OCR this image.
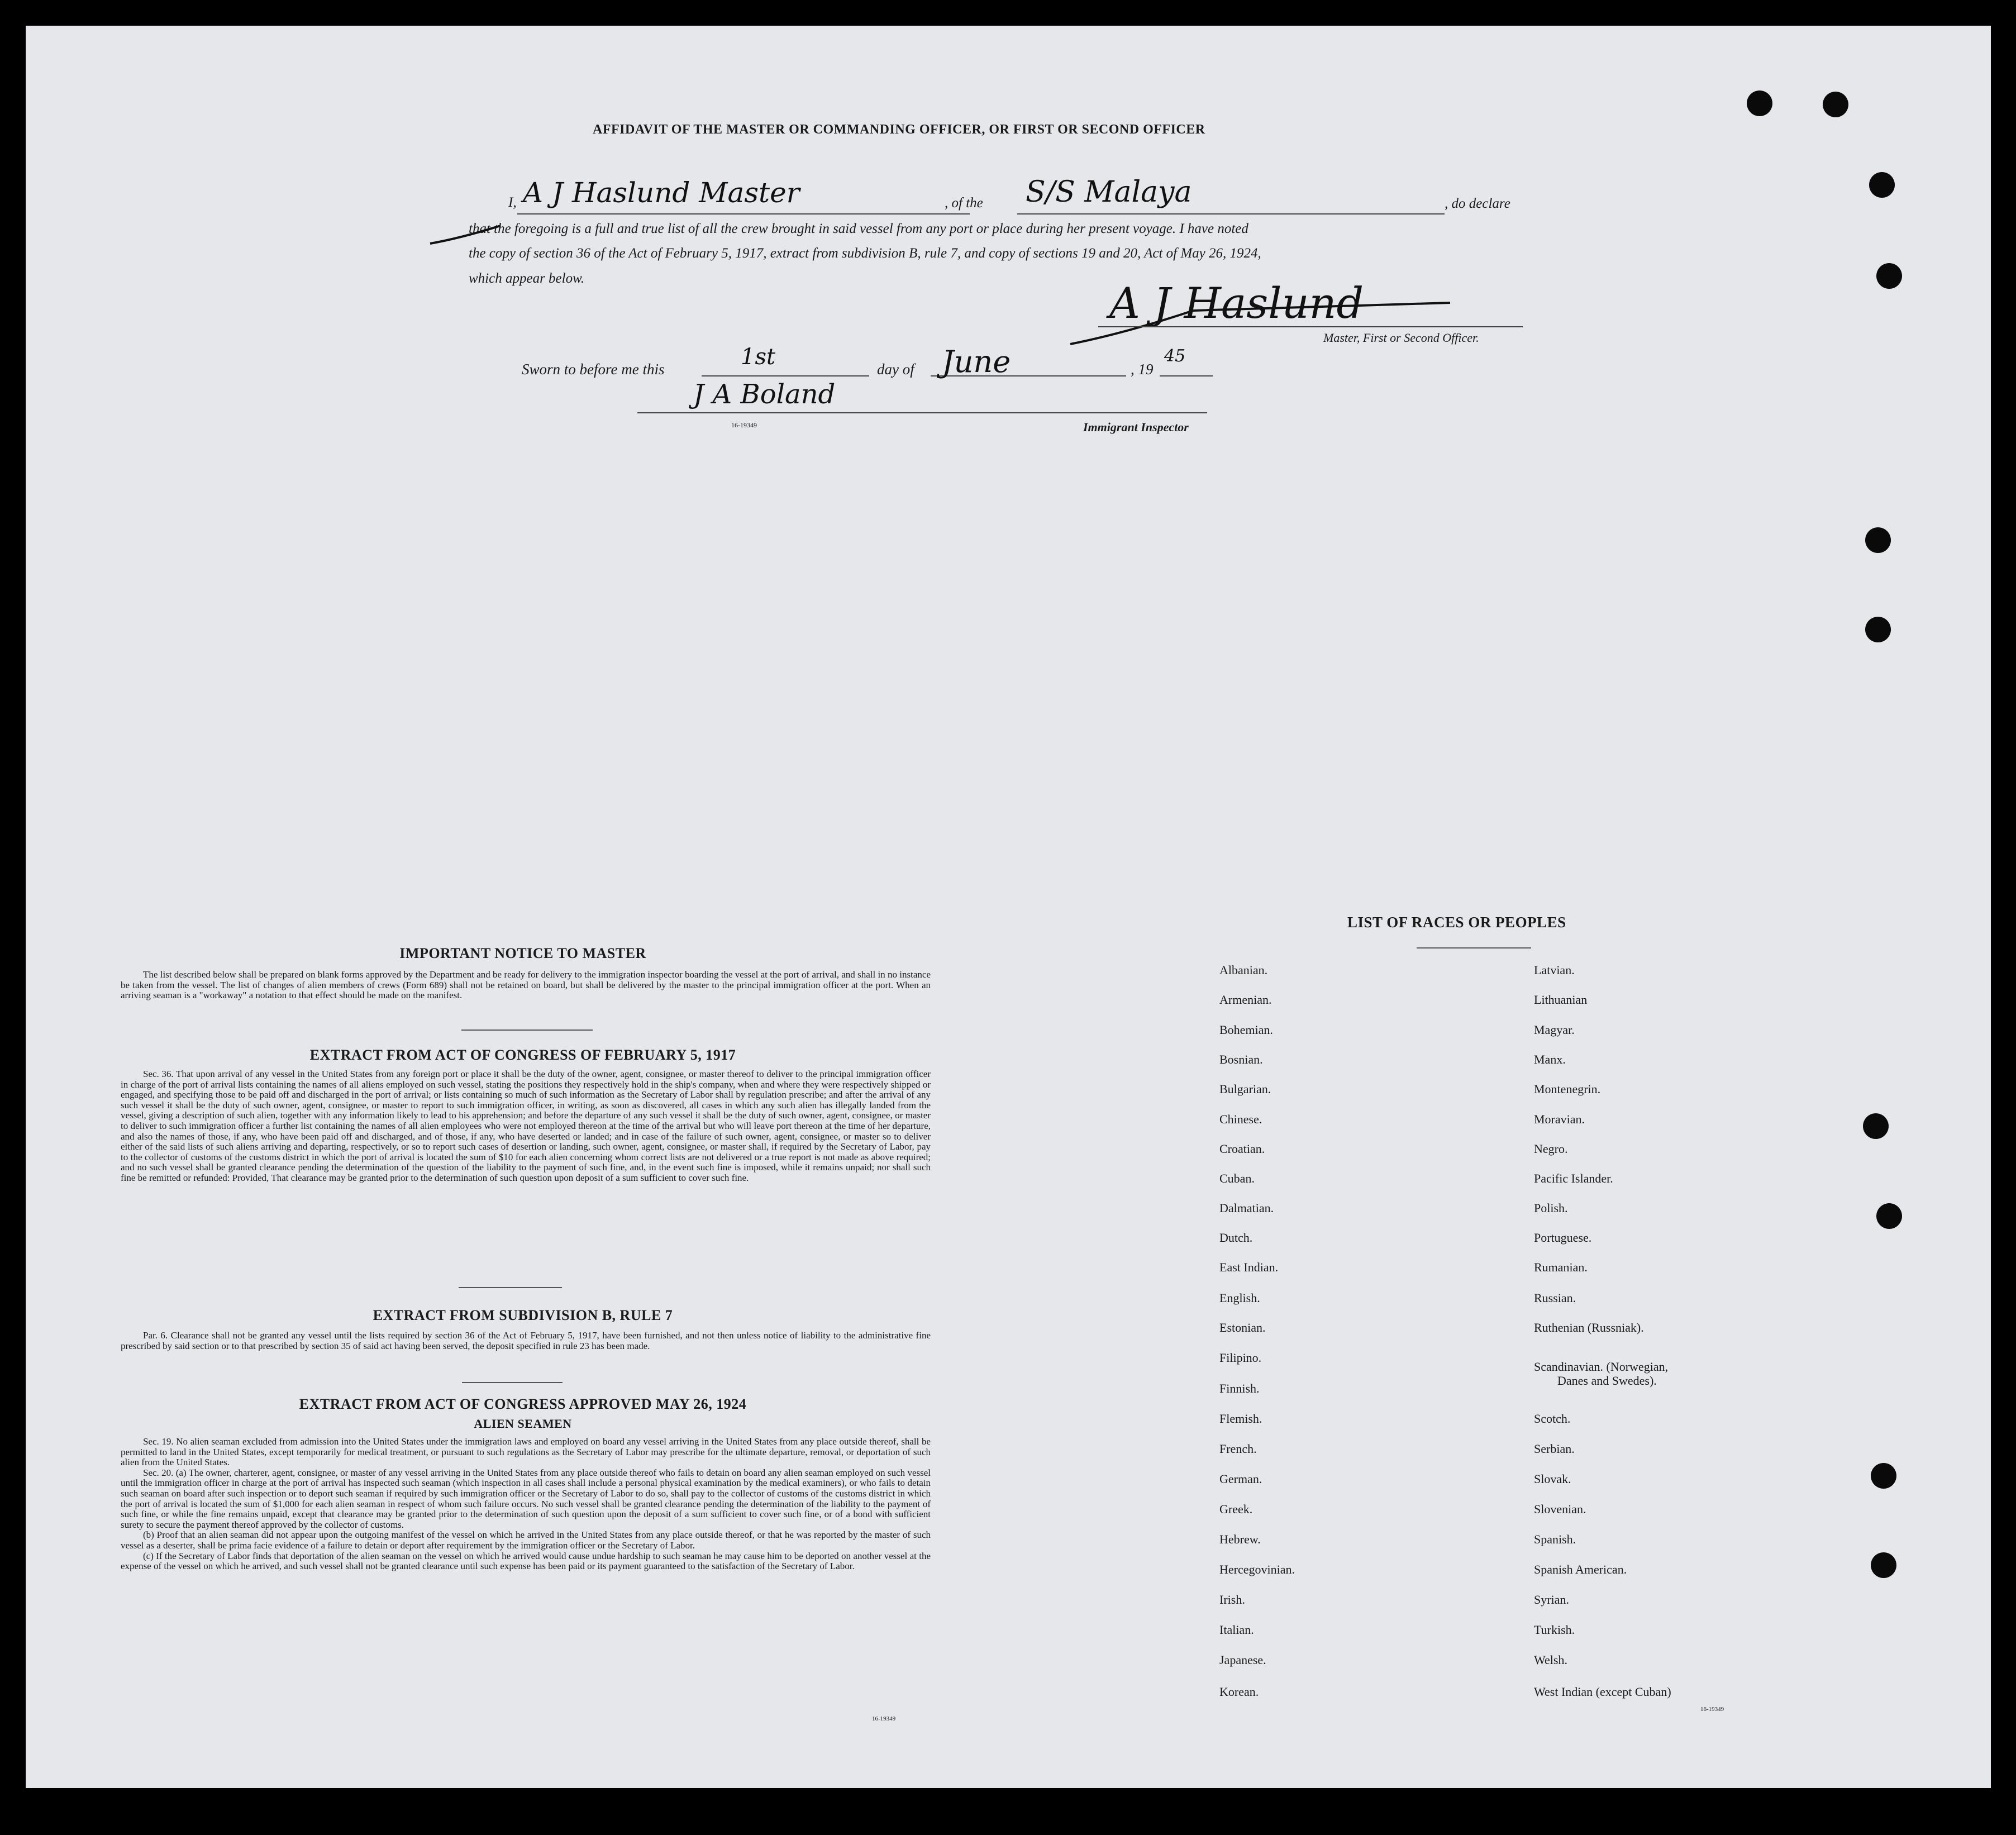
AFFIDAVIT OF THE MASTER OR COMMANDING OFFICER, OR FIRST OR SECOND OFFICER
I, A J Haslund Master	, of the S/S Malaya	, do declare
that the foregoing is a full and true list of all the crew brought in said vessel from any port or place during her present voyage. I have noted
the copy of section 36 of the Act of February 5, 1917, extract from subdivision B, rule 7, and copy of sections 19 and 20, Act of May 26, 1924,
which appear below.	A J Haslund
Master, First or Second Officer.
Sworn to before me this	1st	day of June	, 19
45
J A Boland
16-19349	Immigrant Inspector
IMPORTANT NOTICE TO MASTER

The list described below shall be prepared on blank forms approved by the Department and be ready for delivery to the immigration inspector boarding the vessel at the port of arrival, and shall in no instance be taken from the vessel. The list of changes of alien members of crews (Form 689) shall not be retained on board, but shall be delivered by the master to the principal immigration officer at the port. When an arriving seaman is a "workaway" a notation to that effect should be made on the manifest.

EXTRACT FROM ACT OF CONGRESS OF FEBRUARY 5, 1917

Sec. 36. That upon arrival of any vessel in the United States from any foreign port or place it shall be the duty of the owner, agent, consignee, or master thereof to deliver to the principal immigration officer in charge of the port of arrival lists containing the names of all aliens employed on such vessel, stating the positions they respectively hold in the ship's company, when and where they were respectively shipped or engaged, and specifying those to be paid off and discharged in the port of arrival; or lists containing so much of such information as the Secretary of Labor shall by regulation prescribe; and after the arrival of any such vessel it shall be the duty of such owner, agent, consignee, or master to report to such immigration officer, in writing, as soon as discovered, all cases in which any such alien has illegally landed from the vessel, giving a description of such alien, together with any information likely to lead to his apprehension; and before the departure of any such vessel it shall be the duty of such owner, agent, consignee, or master to deliver to such immigration officer a further list containing the names of all alien employees who were not employed thereon at the time of the arrival but who will leave port thereon at the time of her departure, and also the names of those, if any, who have been paid off and discharged, and of those, if any, who have deserted or landed; and in case of the failure of such owner, agent, consignee, or master so to deliver either of the said lists of such aliens arriving and departing, respectively, or so to report such cases of desertion or landing, such owner, agent, consignee, or master shall, if required by the Secretary of Labor, pay to the collector of customs of the customs district in which the port of arrival is located the sum of $10 for each alien concerning whom correct lists are not delivered or a true report is not made as above required; and no such vessel shall be granted clearance pending the determination of the question of the liability to the payment of such fine, and, in the event such fine is imposed, while it remains unpaid; nor shall such fine be remitted or refunded: Provided, That clearance may be granted prior to the determination of such question upon deposit of a sum sufficient to cover such fine.

EXTRACT FROM SUBDIVISION B, RULE 7

Par. 6. Clearance shall not be granted any vessel until the lists required by section 36 of the Act of February 5, 1917, have been furnished, and not then unless notice of liability to the administrative fine prescribed by said section or to that prescribed by section 35 of said act having been served, the deposit specified in rule 23 has been made.

EXTRACT FROM ACT OF CONGRESS APPROVED MAY 26, 1924
ALIEN SEAMEN

Sec. 19. No alien seaman excluded from admission into the United States under the immigration laws and employed on board any vessel arriving in the United States from any place outside thereof, shall be permitted to land in the United States, except temporarily for medical treatment, or pursuant to such regulations as the Secretary of Labor may prescribe for the ultimate departure, removal, or deportation of such alien from the United States.

Sec. 20. (a) The owner, charterer, agent, consignee, or master of any vessel arriving in the United States from any place outside thereof who fails to detain on board any alien seaman employed on such vessel until the immigration officer in charge at the port of arrival has inspected such seaman (which inspection in all cases shall include a personal physical examination by the medical examiners), or who fails to detain such seaman on board after such inspection or to deport such seaman if required by such immigration officer or the Secretary of Labor to do so, shall pay to the collector of customs of the customs district in which the port of arrival is located the sum of $1,000 for each alien seaman in respect of whom such failure occurs. No such vessel shall be granted clearance pending the determination of the liability to the payment of such fine, or while the fine remains unpaid, except that clearance may be granted prior to the determination of such question upon the deposit of a sum sufficient to cover such fine, or of a bond with sufficient surety to secure the payment thereof approved by the collector of customs.

(b) Proof that an alien seaman did not appear upon the outgoing manifest of the vessel on which he arrived in the United States from any place outside thereof, or that he was reported by the master of such vessel as a deserter, shall be prima facie evidence of a failure to detain or deport after requirement by the immigration officer or the Secretary of Labor.

(c) If the Secretary of Labor finds that deportation of the alien seaman on the vessel on which he arrived would cause undue hardship to such seaman he may cause him to be deported on another vessel at the expense of the vessel on which he arrived, and such vessel shall not be granted clearance until such expense has been paid or its payment guaranteed to the satisfaction of the Secretary of Labor.

16-19349
LIST OF RACES OR PEOPLES
Albanian.
Armenian.
Bohemian.
Bosnian.
Bulgarian.
Chinese.
Croatian.
Cuban.
Dalmatian.
Dutch.
East Indian.
English.
Estonian.
Filipino.
Finnish.
Flemish.
French.
German.
Greek.
Hebrew.
Hercegovinian.
Irish.
Italian.
Japanese.
Korean.
Latvian.
Lithuanian
Magyar.
Manx.
Montenegrin.
Moravian.
Negro.
Pacific Islander.
Polish.
Portuguese.
Rumanian.
Russian.
Ruthenian (Russniak).
Scandinavian. (Norwegian,
Danes and Swedes).
Scotch.
Serbian.
Slovak.
Slovenian.
Spanish.
Spanish American.
Syrian.
Turkish.
Welsh.
West Indian (except Cuban)
16-19349
